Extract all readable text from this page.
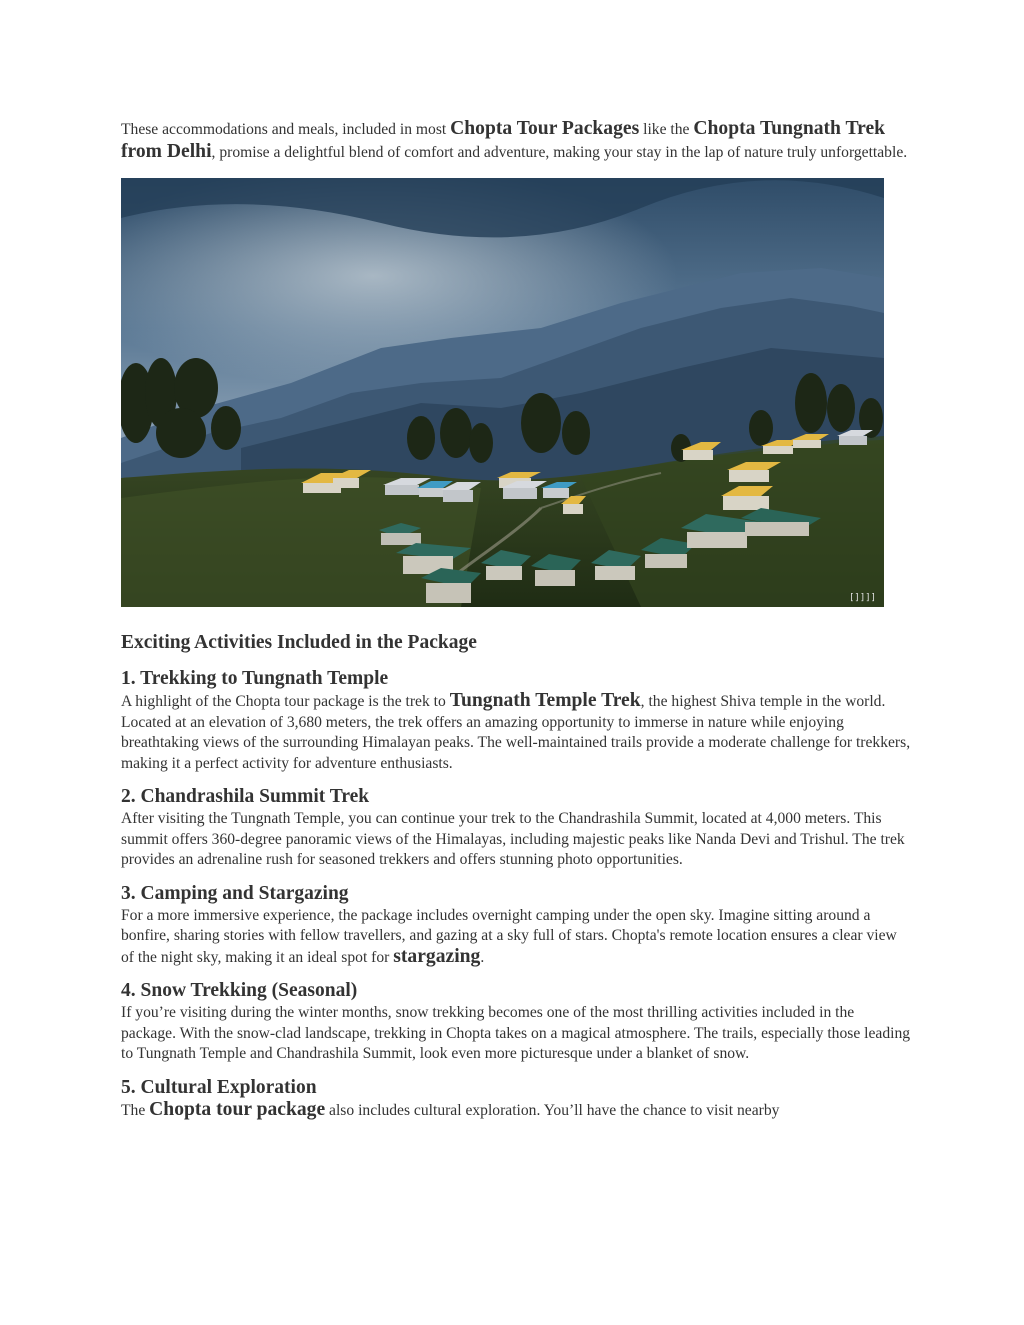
These accommodations and meals, included in most Chopta Tour Packages like the Chopta Tungnath Trek from Delhi, promise a delightful blend of comfort and adventure, making your stay in the lap of nature truly unforgettable.

[]]]]
Exciting Activities Included in the Package
1. Trekking to Tungnath Temple

A highlight of the Chopta tour package is the trek to Tungnath Temple Trek, the highest Shiva temple in the world. Located at an elevation of 3,680 meters, the trek offers an amazing opportunity to immerse in nature while enjoying breathtaking views of the surrounding Himalayan peaks. The well-maintained trails provide a moderate challenge for trekkers, making it a perfect activity for adventure enthusiasts.

2. Chandrashila Summit Trek

After visiting the Tungnath Temple, you can continue your trek to the Chandrashila Summit, located at 4,000 meters. This summit offers 360-degree panoramic views of the Himalayas, including majestic peaks like Nanda Devi and Trishul. The trek provides an adrenaline rush for seasoned trekkers and offers stunning photo opportunities.

3. Camping and Stargazing

For a more immersive experience, the package includes overnight camping under the open sky. Imagine sitting around a bonfire, sharing stories with fellow travellers, and gazing at a sky full of stars. Chopta's remote location ensures a clear view of the night sky, making it an ideal spot for stargazing.

4. Snow Trekking (Seasonal)

If you’re visiting during the winter months, snow trekking becomes one of the most thrilling activities included in the package. With the snow-clad landscape, trekking in Chopta takes on a magical atmosphere. The trails, especially those leading to Tungnath Temple and Chandrashila Summit, look even more picturesque under a blanket of snow.

5. Cultural Exploration

The Chopta tour package also includes cultural exploration. You’ll have the chance to visit nearby
